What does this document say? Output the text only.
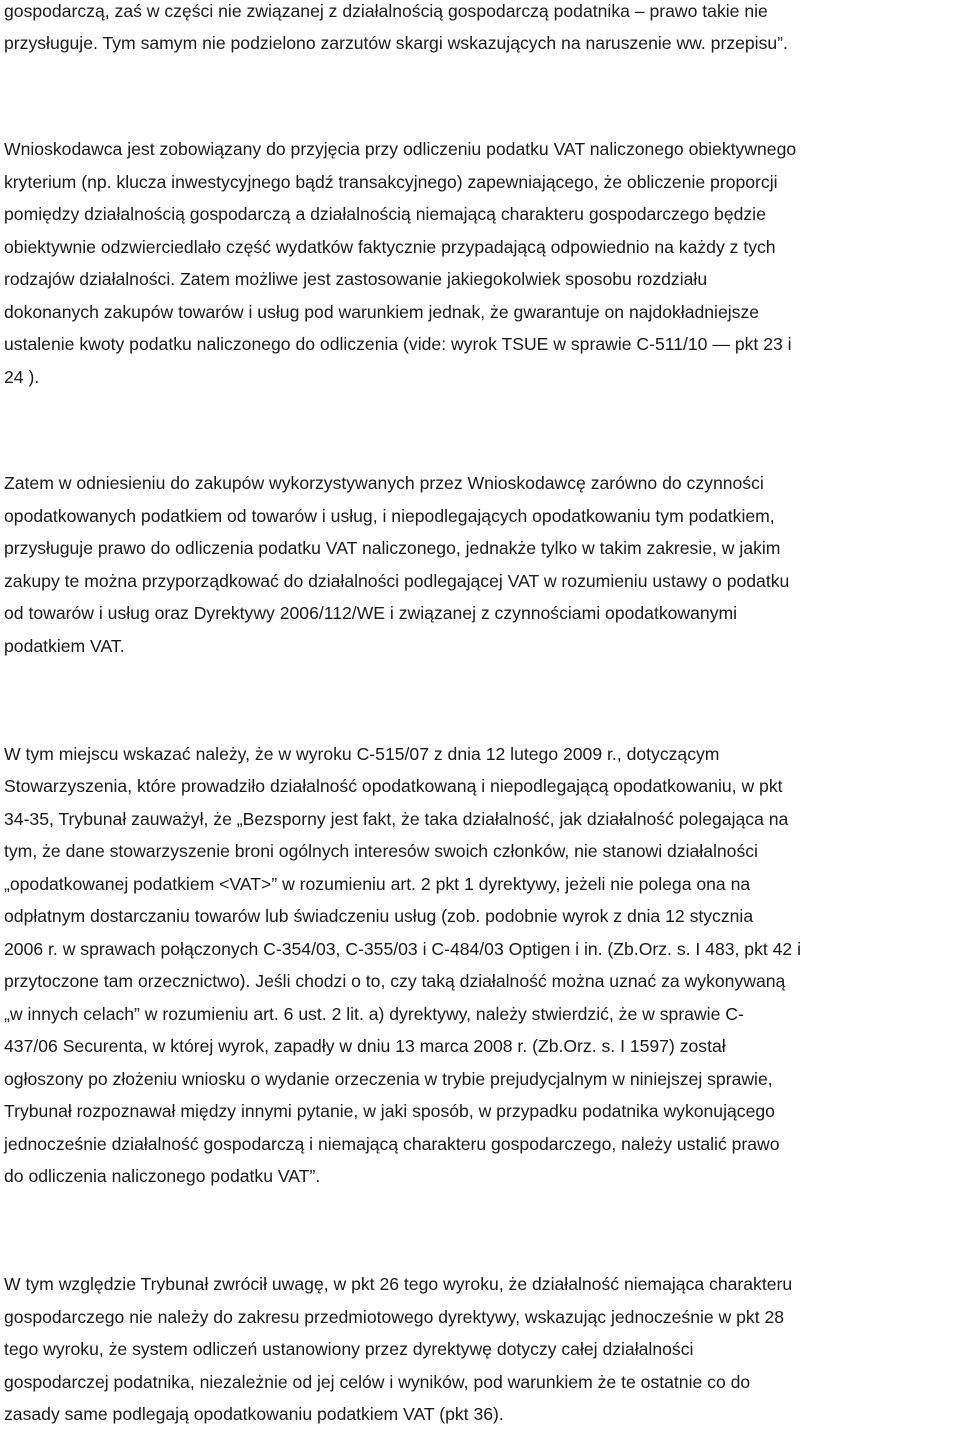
gospodarczą, zaś w części nie związanej z działalnością gospodarczą podatnika – prawo takie nie
przysługuje. Tym samym nie podzielono zarzutów skargi wskazujących na naruszenie ww. przepisu”.
Wnioskodawca jest zobowiązany do przyjęcia przy odliczeniu podatku VAT naliczonego obiektywnego
kryterium (np. klucza inwestycyjnego bądź transakcyjnego) zapewniającego, że obliczenie proporcji
pomiędzy działalnością gospodarczą a działalnością niemającą charakteru gospodarczego będzie
obiektywnie odzwierciedlało część wydatków faktycznie przypadającą odpowiednio na każdy z tych
rodzajów działalności. Zatem możliwe jest zastosowanie jakiegokolwiek sposobu rozdziału
dokonanych zakupów towarów i usług pod warunkiem jednak, że gwarantuje on najdokładniejsze
ustalenie kwoty podatku naliczonego do odliczenia (vide: wyrok TSUE w sprawie C-511/10 — pkt 23 i
24 ).
Zatem w odniesieniu do zakupów wykorzystywanych przez Wnioskodawcę zarówno do czynności
opodatkowanych podatkiem od towarów i usług, i niepodlegających opodatkowaniu tym podatkiem,
przysługuje prawo do odliczenia podatku VAT naliczonego, jednakże tylko w takim zakresie, w jakim
zakupy te można przyporządkować do działalności podlegającej VAT w rozumieniu ustawy o podatku
od towarów i usług oraz Dyrektywy 2006/112/WE i związanej z czynnościami opodatkowanymi
podatkiem VAT.
W tym miejscu wskazać należy, że w wyroku C-515/07 z dnia 12 lutego 2009 r., dotyczącym
Stowarzyszenia, które prowadziło działalność opodatkowaną i niepodlegającą opodatkowaniu, w pkt
34-35, Trybunał zauważył, że „Bezsporny jest fakt, że taka działalność, jak działalność polegająca na
tym, że dane stowarzyszenie broni ogólnych interesów swoich członków, nie stanowi działalności
„opodatkowanej podatkiem <VAT>” w rozumieniu art. 2 pkt 1 dyrektywy, jeżeli nie polega ona na
odpłatnym dostarczaniu towarów lub świadczeniu usług (zob. podobnie wyrok z dnia 12 stycznia
2006 r. w sprawach połączonych C-354/03, C-355/03 i C-484/03 Optigen i in. (Zb.Orz. s. I 483, pkt 42 i
przytoczone tam orzecznictwo). Jeśli chodzi o to, czy taką działalność można uznać za wykonywaną
„w innych celach” w rozumieniu art. 6 ust. 2 lit. a) dyrektywy, należy stwierdzić, że w sprawie C-
437/06 Securenta, w której wyrok, zapadły w dniu 13 marca 2008 r. (Zb.Orz. s. I 1597) został
ogłoszony po złożeniu wniosku o wydanie orzeczenia w trybie prejudycjalnym w niniejszej sprawie,
Trybunał rozpoznawał między innymi pytanie, w jaki sposób, w przypadku podatnika wykonującego
jednocześnie działalność gospodarczą i niemającą charakteru gospodarczego, należy ustalić prawo
do odliczenia naliczonego podatku VAT”.
W tym względzie Trybunał zwrócił uwagę, w pkt 26 tego wyroku, że działalność niemająca charakteru
gospodarczego nie należy do zakresu przedmiotowego dyrektywy, wskazując jednocześnie w pkt 28
tego wyroku, że system odliczeń ustanowiony przez dyrektywę dotyczy całej działalności
gospodarczej podatnika, niezależnie od jej celów i wyników, pod warunkiem że te ostatnie co do
zasady same podlegają opodatkowaniu podatkiem VAT (pkt 36).
